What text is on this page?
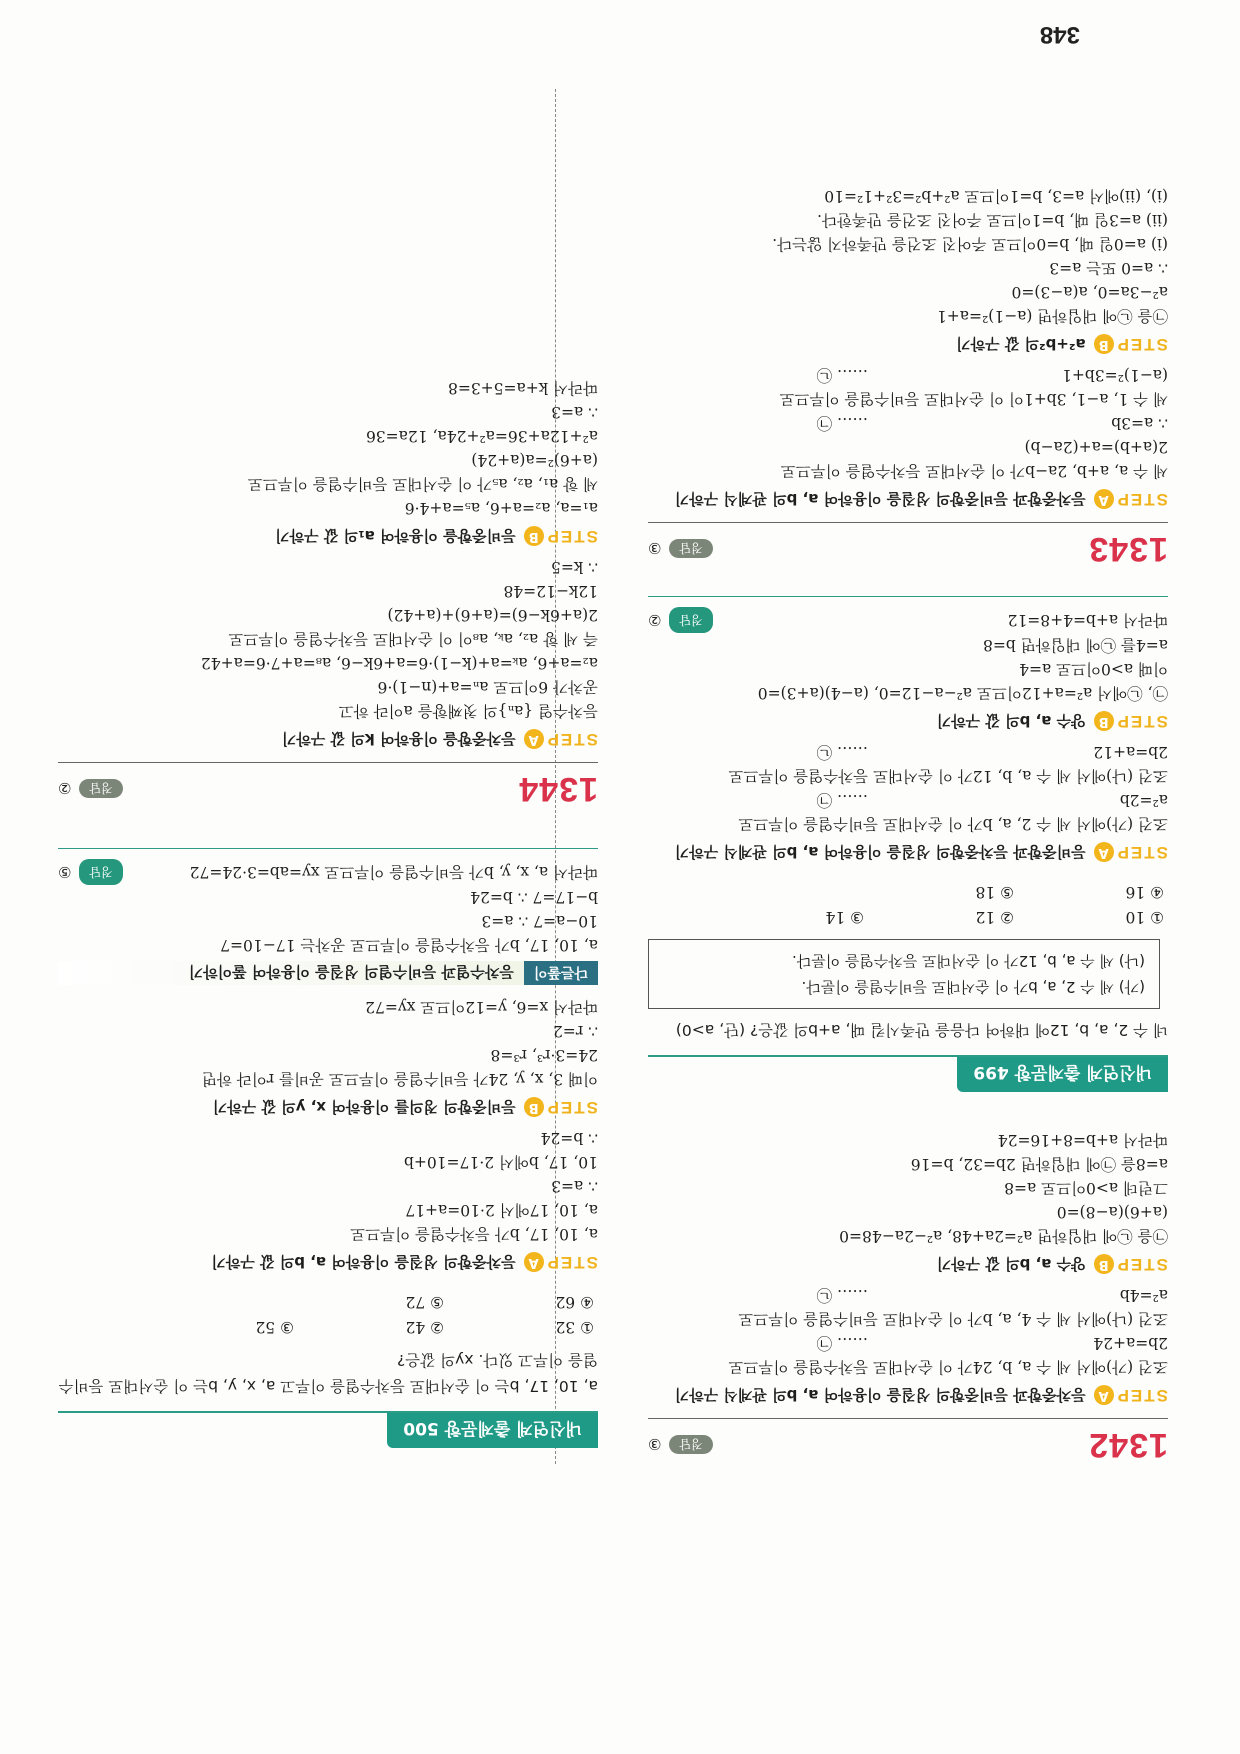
1342
정답
③
STEP
A
등차중항과 등비중항의 성질을 이용하여 a, b의 관계식 구하기
조건 (가)에서 세 수 a, b, 24가 이 순서대로 등차수열을 이루므로
2b=a+24
…… ㉠
조건 (나)에서 세 수 4, a, b가 이 순서대로 등비수열을 이루므로
a²=4b
…… ㉡
STEP
B
양수 a, b의 값 구하기
㉠을 ㉡에 대입하면 a²=2a+48, a²−2a−48=0
(a+6)(a−8)=0
그런데 a>0이므로 a=8
a=8을 ㉠에 대입하면 2b=32, b=16
따라서 a+b=8+16=24
내신연계 출제문항 499
네 수 2, a, b, 12에 대하여 다음을 만족시킬 때, a+b의 값은? (단, a>0)
(가) 세 수 2, a, b가 이 순서대로 등비수열을 이룬다.
(나) 세 수 a, b, 12가 이 순서대로 등차수열을 이룬다.
① 10
② 12
③ 14
④ 16
⑤ 18
STEP
A
등비중항과 등차중항의 성질을 이용하여 a, b의 관계식 구하기
조건 (가)에서 세 수 2, a, b가 이 순서대로 등비수열을 이루므로
a²=2b
…… ㉠
조건 (나)에서 세 수 a, b, 12가 이 순서대로 등차수열을 이루므로
2b=a+12
…… ㉡
STEP
B
양수 a, b의 값 구하기
㉠, ㉡에서 a²=a+12이므로 a²−a−12=0, (a−4)(a+3)=0
이때 a>0이므로 a=4
a=4를 ㉡에 대입하면 b=8
따라서 a+b=4+8=12
정답
②
1343
정답
③
STEP
A
등차중항과 등비중항의 성질을 이용하여 a, b의 관계식 구하기
세 수 a, a+b, 2a−b가 이 순서대로 등차수열을 이루므로
2(a+b)=a+(2a−b)
∴ a=3b
…… ㉠
세 수 1, a−1, 3b+1이 이 순서대로 등비수열을 이루므로
(a−1)²=3b+1
…… ㉡
STEP
B
a²+b²의 값 구하기
㉠을 ㉡에 대입하면 (a−1)²=a+1
a²−3a=0, a(a−3)=0
∴ a=0 또는 a=3
(ⅰ) a=0일 때, b=0이므로 주어진 조건을 만족하지 않는다.
(ⅱ) a=3일 때, b=1이므로 주어진 조건을 만족한다.
(ⅰ), (ⅱ)에서 a=3, b=1이므로 a²+b²=3²+1²=10
내신연계 출제문항 500
a, 10, 17, b는 이 순서대로 등차수열을 이루고 a, x, y, b는 이 순서대로 등비수열을 이루고 있다. xy의 값은?
① 32
② 42
③ 52
④ 62
⑤ 72
STEP
A
등차중항의 성질을 이용하여 a, b의 값 구하기
a, 10, 17, b가 등차수열을 이루므로
a, 10, 17에서 2·10=a+17
∴ a=3
10, 17, b에서 2·17=10+b
∴ b=24
STEP
B
등비중항의 정의를 이용하여 x, y의 값 구하기
이때 3, x, y, 24가 등비수열을 이루므로 공비를 r이라 하면
24=3·r³, r³=8
∴ r=2
따라서 x=6, y=12이므로 xy=72
다른풀이
등차수열과 등비수열의 성질을 이용하여 풀이하기
a, 10, 17, b가 등차수열을 이루므로 공차는 17−10=7
10−a=7 ∴ a=3
b−17=7 ∴ b=24
따라서 a, x, y, b가 등비수열을 이루므로 xy=ab=3·24=72
정답
⑤
1344
정답
②
STEP
A
등차중항을 이용하여 k의 값 구하기
등차수열 {aₙ}의 첫째항을 a이라 하고
공차가 6이므로 aₙ=a+(n−1)·6
a₂=a+6, aₖ=a+(k−1)·6=a+6k−6, a₈=a+7·6=a+42
즉 세 항 a₂, aₖ, a₈이 이 순서대로 등차수열을 이루므로
2(a+6k−6)=(a+6)+(a+42)
12k−12=48
∴ k=5
STEP
B
등비중항을 이용하여 a₁의 값 구하기
a₁=a, a₂=a+6, a₅=a+4·6
세 항 a₁, a₂, a₅가 이 순서대로 등비수열을 이루므로
(a+6)²=a(a+24)
a²+12a+36=a²+24a, 12a=36
∴ a=3
따라서 k+a=5+3=8
348
